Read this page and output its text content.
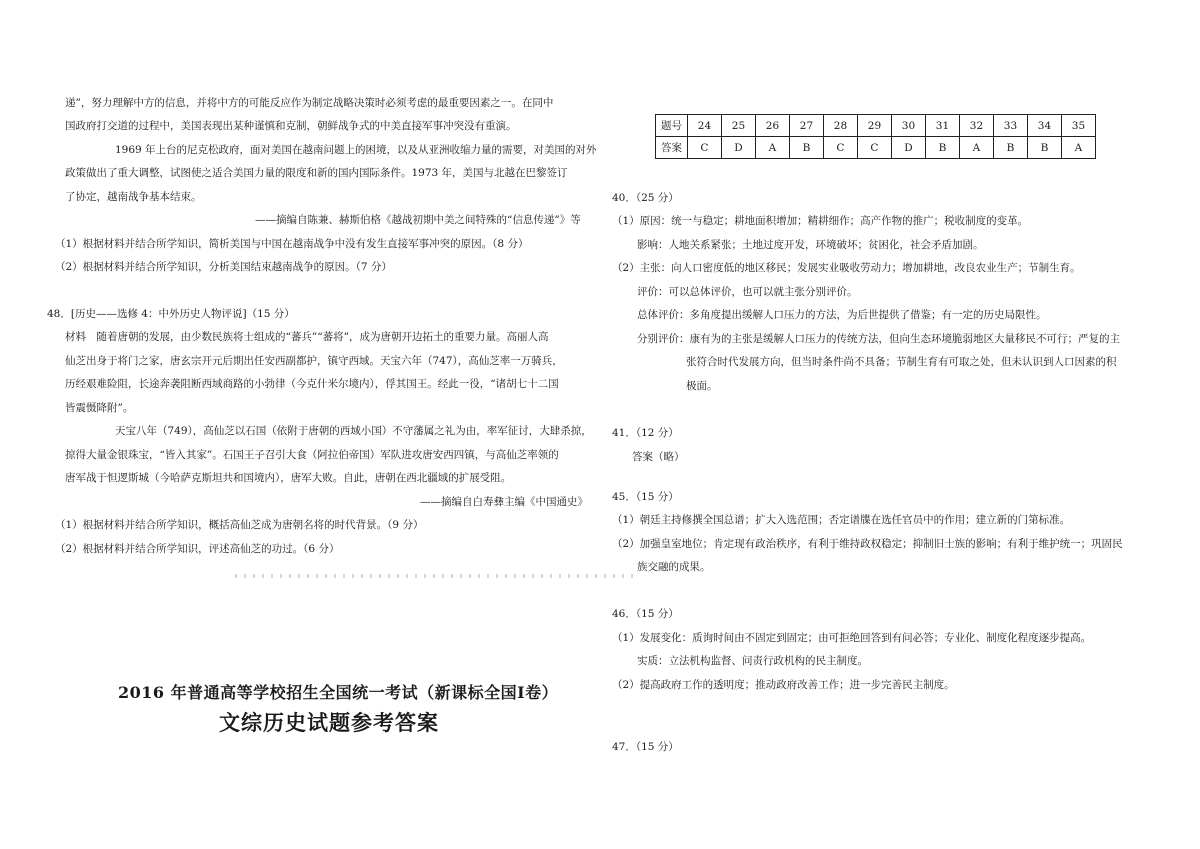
递”，努力理解中方的信息，并将中方的可能反应作为制定战略决策时必须考虑的最重要因素之一。在同中
国政府打交道的过程中，美国表现出某种谨慎和克制，朝鲜战争式的中美直接军事冲突没有重演。
1969 年上台的尼克松政府，面对美国在越南问题上的困境，以及从亚洲收缩力量的需要，对美国的对外
政策做出了重大调整，试图使之适合美国力量的限度和新的国内国际条件。1973 年，美国与北越在巴黎签订
了协定，越南战争基本结束。
——摘编自陈兼、赫斯伯格《越战初期中美之间特殊的“信息传递”》等
（1）根据材料并结合所学知识，简析美国与中国在越南战争中没有发生直接军事冲突的原因。（8 分）
（2）根据材料并结合所学知识，分析美国结束越南战争的原因。（7 分）
48．[历史——选修 4：中外历史人物评说]（15 分）
材料　随着唐朝的发展，由少数民族将士组成的“蕃兵”“蕃将”，成为唐朝开边拓土的重要力量。高丽人高
仙芝出身于将门之家，唐玄宗开元后期出任安西副都护，镇守西域。天宝六年（747），高仙芝率一万骑兵，
历经艰难险阻，长途奔袭阻断西域商路的小勃律（今克什米尔境内），俘其国王。经此一役，“诸胡七十二国
皆震慑降附”。
天宝八年（749），高仙芝以石国（依附于唐朝的西域小国）不守藩属之礼为由，率军征讨，大肆杀掠，
掠得大量金银珠宝，“皆入其家”。石国王子召引大食（阿拉伯帝国）军队进攻唐安西四镇，与高仙芝率领的
唐军战于怛逻斯城（今哈萨克斯坦共和国境内），唐军大败。自此，唐朝在西北疆域的扩展受阻。
——摘编自白寿彝主编《中国通史》
（1）根据材料并结合所学知识，概括高仙芝成为唐朝名将的时代背景。（9 分）
（2）根据材料并结合所学知识，评述高仙芝的功过。（6 分）
2016 年普通高等学校招生全国统一考试（新课标全国Ⅰ卷）
文综历史试题参考答案
题号	24	25	26	27	28	29	30	31	32	33	34	35
答案	C	D	A	B	C	C	D	B	A	B	B	A
40．（25 分）
（1）原因：统一与稳定；耕地面积增加；精耕细作；高产作物的推广；税收制度的变革。
影响：人地关系紧张；土地过度开发，环境破坏；贫困化，社会矛盾加剧。
（2）主张：向人口密度低的地区移民；发展实业吸收劳动力；增加耕地，改良农业生产；节制生育。
评价：可以总体评价，也可以就主张分别评价。
总体评价：多角度提出缓解人口压力的方法，为后世提供了借鉴；有一定的历史局限性。
分别评价：康有为的主张是缓解人口压力的传统方法，但向生态环境脆弱地区大量移民不可行；严复的主
张符合时代发展方向，但当时条件尚不具备；节制生育有可取之处，但未认识到人口因素的积
极面。
41．（12 分）
答案（略）
45．（15 分）
（1）朝廷主持修撰全国总谱；扩大入选范围；否定谱牒在选任官员中的作用；建立新的门第标准。
（2）加强皇室地位；肯定现有政治秩序，有利于维持政权稳定；抑制旧士族的影响；有利于维护统一；巩固民
族交融的成果。
46．（15 分）
（1）发展变化：质询时间由不固定到固定；由可拒绝回答到有问必答；专业化、制度化程度逐步提高。
实质：立法机构监督、问责行政机构的民主制度。
（2）提高政府工作的透明度；推动政府改善工作；进一步完善民主制度。
47．（15 分）
